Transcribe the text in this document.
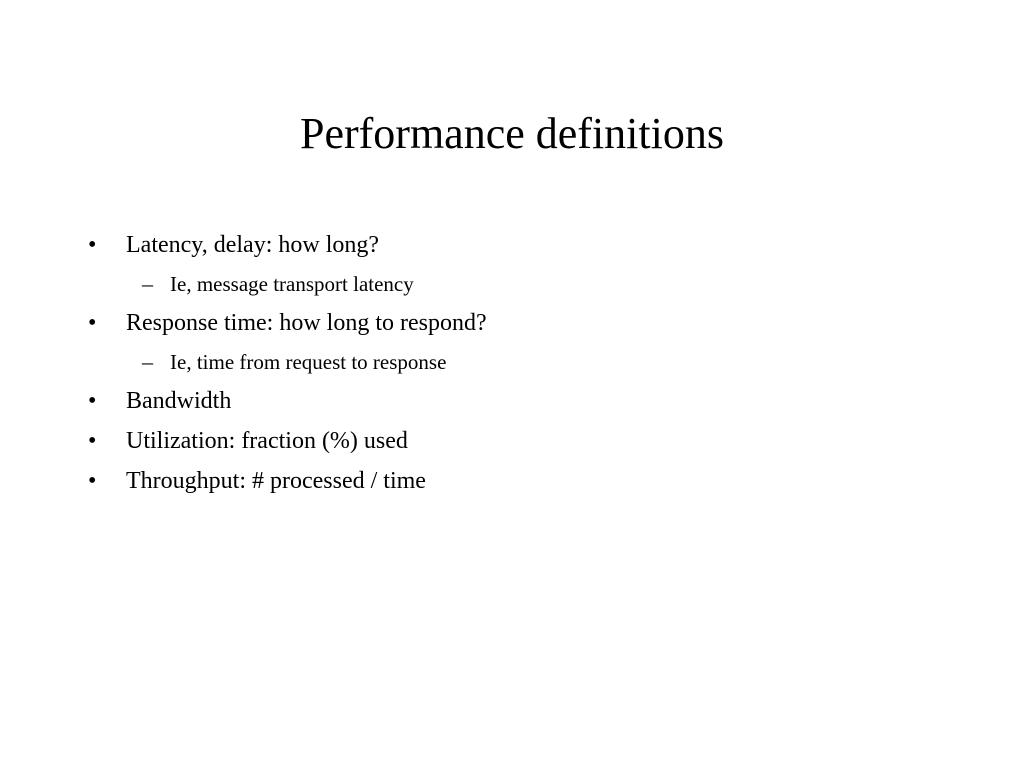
Performance definitions
• Latency, delay: how long?
– Ie, message transport latency
• Response time: how long to respond?
– Ie, time from request to response
• Bandwidth
• Utilization: fraction (%) used
• Throughput: # processed / time
